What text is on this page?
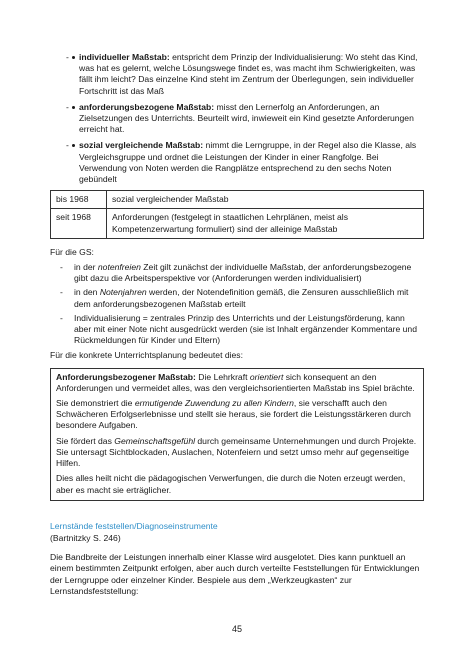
- individueller Maßstab: entspricht dem Prinzip der Individualisierung: Wo steht das Kind, was hat es gelernt, welche Lösungswege findet es, was macht ihm Schwierigkeiten, was fällt ihm leicht? Das einzelne Kind steht im Zentrum der Überlegungen, sein individueller Fortschritt ist das Maß
- anforderungsbezogene Maßstab: misst den Lernerfolg an Anforderungen, an Zielsetzungen des Unterrichts. Beurteilt wird, inwieweit ein Kind gesetzte Anforderungen erreicht hat.
- sozial vergleichende Maßstab: nimmt die Lerngruppe, in der Regel also die Klasse, als Vergleichsgruppe und ordnet die Leistungen der Kinder in einer Rangfolge. Bei Verwendung von Noten werden die Rangplätze entsprechend zu den sechs Noten gebündelt
bis 1968	sozial vergleichender Maßstab
seit 1968	Anforderungen (festgelegt in staatlichen Lehrplänen, meist als Kompetenzerwartung formuliert) sind der alleinige Maßstab

Für die GS:

- in der notenfreien Zeit gilt zunächst der individuelle Maßstab, der anforderungsbezogene gibt dazu die Arbeitsperspektive vor (Anforderungen werden individualisiert)
- in den Notenjahren werden, der Notendefinition gemäß, die Zensuren ausschließlich mit dem anforderungsbezogenen Maßstab erteilt
- Individualisierung = zentrales Prinzip des Unterrichts und der Leistungsförderung, kann aber mit einer Note nicht ausgedrückt werden (sie ist Inhalt ergänzender Kommentare und Rückmeldungen für Kinder und Eltern)

Für die konkrete Unterrichtsplanung bedeutet dies:

Anforderungsbezogener Maßstab: Die Lehrkraft orientiert sich konsequent an den Anforderungen und vermeidet alles, was den vergleichsorientierten Maßstab ins Spiel brächte.

Sie demonstriert die ermutigende Zuwendung zu allen Kindern, sie verschafft auch den Schwächeren Erfolgserlebnisse und stellt sie heraus, sie fordert die Leistungsstärkeren durch besondere Aufgaben.

Sie fördert das Gemeinschaftsgefühl durch gemeinsame Unternehmungen und durch Projekte. Sie untersagt Sichtblockaden, Auslachen, Notenfeiern und setzt umso mehr auf gegenseitige Hilfen.

Dies alles heilt nicht die pädagogischen Verwerfungen, die durch die Noten erzeugt werden, aber es macht sie erträglicher.

Lernstände feststellen/Diagnoseinstrumente

(Bartnitzky S. 246)

Die Bandbreite der Leistungen innerhalb einer Klasse wird ausgelotet. Dies kann punktuell an einem bestimmten Zeitpunkt erfolgen, aber auch durch verteilte Feststellungen für Entwicklungen der Lerngruppe oder einzelner Kinder. Bespiele aus dem „Werkzeugkasten“ zur Lernstandsfeststellung:

45
